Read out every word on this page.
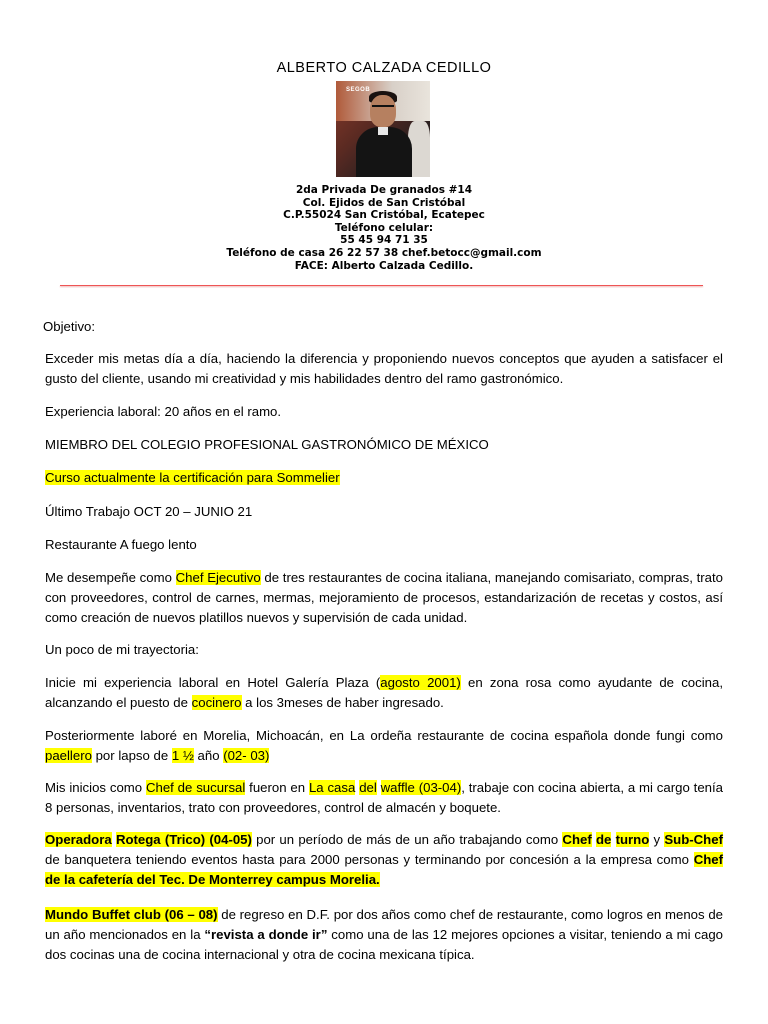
ALBERTO CALZADA CEDILLO
SEGOB
2da Privada De granados #14
Col. Ejidos de San Cristóbal
C.P.55024 San Cristóbal, Ecatepec
Teléfono celular:
55 45 94 71 35
Teléfono de casa 26 22 57 38 chef.betocc@gmail.com
FACE: Alberto Calzada Cedillo.
Objetivo:
Exceder mis metas día a día, haciendo la diferencia y proponiendo nuevos conceptos que ayuden a satisfacer el gusto del cliente, usando mi creatividad y mis habilidades dentro del ramo gastronómico.
Experiencia laboral: 20 años en el ramo.
MIEMBRO DEL COLEGIO PROFESIONAL GASTRONÓMICO DE MÉXICO
Curso actualmente la certificación para Sommelier
Último Trabajo OCT 20 – JUNIO 21
Restaurante A fuego lento
Me desempeñe como Chef Ejecutivo de tres restaurantes de cocina italiana, manejando comisariato, compras, trato con proveedores, control de carnes, mermas, mejoramiento de procesos, estandarización de recetas y costos, así como creación de nuevos platillos nuevos y supervisión de cada unidad.
Un poco de mi trayectoria:
Inicie mi experiencia laboral en Hotel Galería Plaza (agosto 2001) en zona rosa como ayudante de cocina, alcanzando el puesto de cocinero a los 3meses de haber ingresado.
Posteriormente laboré en Morelia, Michoacán, en La ordeña restaurante de cocina española donde fungi como paellero por lapso de 1 ½ año (02- 03)
Mis inicios como Chef de sucursal fueron en La casa del waffle (03-04), trabaje con cocina abierta, a mi cargo tenía 8 personas, inventarios, trato con proveedores, control de almacén y boquete.
Operadora Rotega (Trico) (04-05) por un período de más de un año trabajando como Chef de turno y Sub-Chef de banquetera teniendo eventos hasta para 2000 personas y terminando por concesión a la empresa como Chef de la cafetería del Tec. De Monterrey campus Morelia.
Mundo Buffet club (06 – 08) de regreso en D.F. por dos años como chef de restaurante, como logros en menos de un año mencionados en la “revista a donde ir” como una de las 12 mejores opciones a visitar, teniendo a mi cago dos cocinas una de cocina internacional y otra de cocina mexicana típica.
